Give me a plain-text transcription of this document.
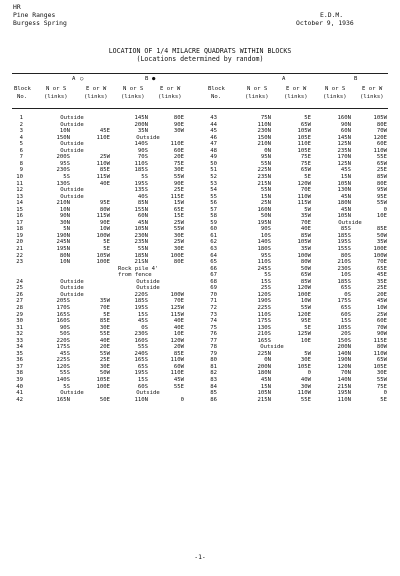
HR
Pine Ranges
Burgess Spring
E.D.M.
October 9, 1936
LOCATION OF 1/4 MILACRE QUADRATS WITHIN BLOCKS
(Locations determined by random)
Block
No.
A ○	B ●
N or S	E or W
(links)	(links)
N or S	E or W
(links) (links)
Block
No.
A	B
N or S	E or W
(links)	(links)
N or S	E or W
(links) (links)
1	Outside	145N	80E
2	Outside	200N	90E
3	10N	45E	35N	30W
4	150N	110E	Outside
5	Outside	140S	110E
6	Outside	90S	60E
7	200S	25W	70S	20E
8	95S	110W	110S	75E
9	230S	85E	185S	30E
10	5S	115W	5S	55W
11	130S	40E	195S	90E
12	Outside	135S	25E
13	Outside	40S	115E
14	210N	95E	85N	15W
15	10N	80W	155N	65E
16	90N	115W	60N	15E
17	30N	90E	45N	25W
18	5N	10W	105N	55W
19	190N	100W	230N	30E
20	245N	5E	235N	25W
21	195N	5E	55N	30E
22	80N	105W	185N	100E
23	10N	100E	21SN	80E
Rock pile 4'
from fence
24	Outside	Outside
25	Outside	Outside
26	Outside	220S	100W
27	205S	35W	185S	70E
28	170S	70E	195S	125W
29	165S	5E	15S	115W
30	160S	85E	45S	40E
31	90S	30E	0S	40E
32	50S	55E	230S	10E
33	220S	40E	160S	120W
34	175S	20E	55S	20W
35	45S	55W	240S	85E
36	225S	25E	165S	110W
37	120S	30E	65S	60W
38	55S	50W	195S	110E
39	140S	105E	15S	45W
40	5S	100E	60S	55E
41	Outside	Outside
42	165N	50E	110N	0
43	75N	5E	160N	105W
44	110N	65W	90N	80E
45	230N	105W	60N	70W
46	150N	105E	145N	120E
47	210N	110E	125N	60E
48	0N	105E	235N	110W
49	95N	75E	170N	55E
50	55N	75E	125N	65W
51	225N	65W	45S	25E
52	235N	5E	15N	85W
53	215N	120W	105N	80E
54	55N	70E	130N	95W
55	15N	110W	45N	95E
56	25N	115W	180N	55W
57	160N	5W	45N	0
58	50N	35W	105N	10E
59	195N	70E	Outside
60	90S	40E	85S	85E
61	10S	85W	185S	50W
62	140S	105W	195S	35W
63	180S	35W	155S	100E
64	95S	100W	80S	100W
65	110S	80W	210S	70E
66	245S	50W	230S	65E
67	5S	65W	10S	45E
68	15S	85W	185S	35E
69	25S	120W	65S	25E
70	120S	100E	0S	20E
71	190S	10W	175S	45W
72	225S	55W	65S	10W
73	110S	120E	60S	25W
74	175S	95E	15S	60E
75	130S	5E	105S	70W
76	210S	125W	20S	90W
77	165S	10E	150S	115E
78	Outside	200N	80W
79	225N	5W	140N	110W
80	0N	30E	190N	65W
81	200N	105E	120N	105E
82	180N	0	70N	30E
83	45N	40W	140N	55W
84	15N	30W	215N	75E
85	105N	110W	195N	0
86	215N	55E	110N	5E
-1-
